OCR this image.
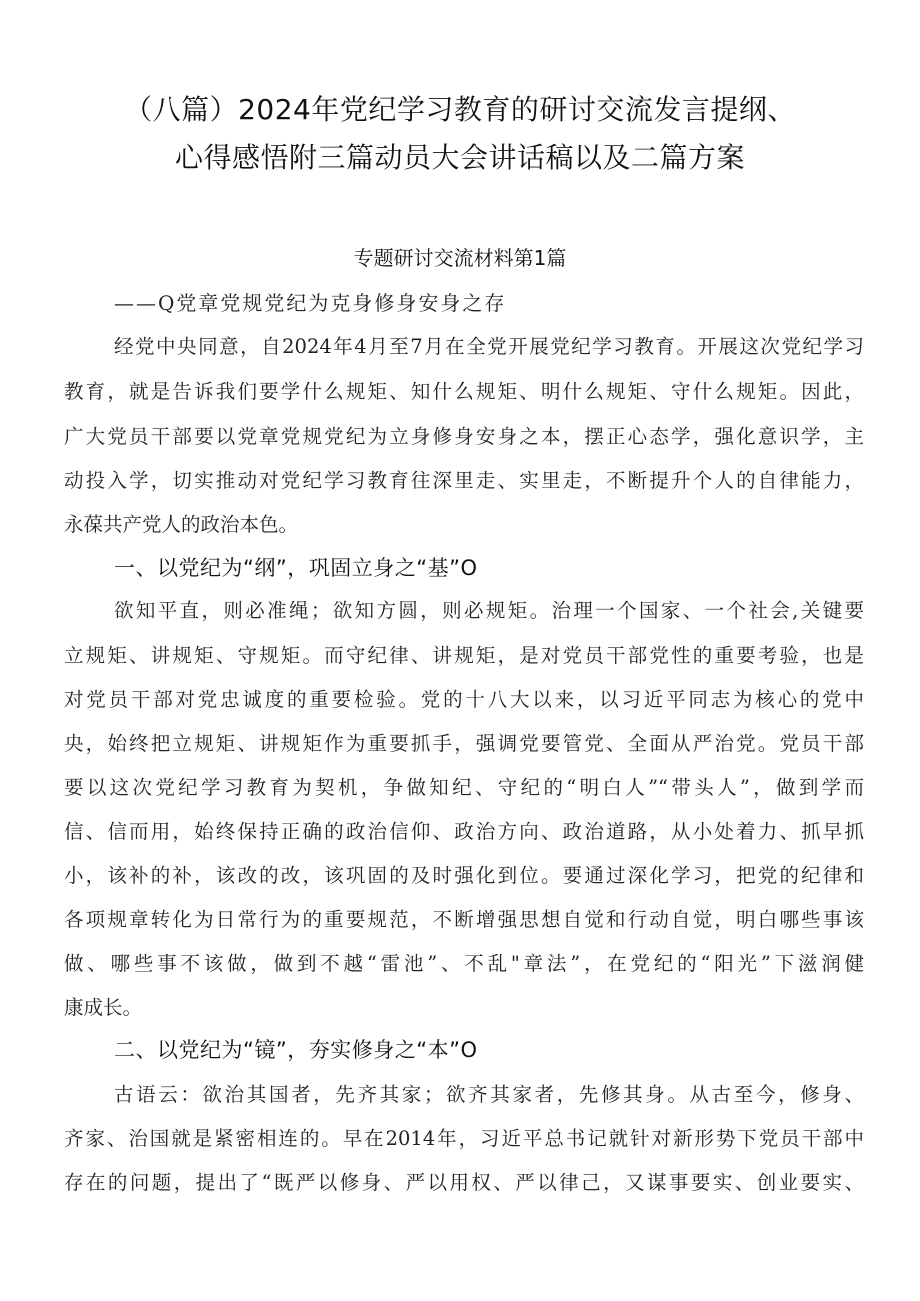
（八篇）2024年党纪学习教育的研讨交流发言提纲、
心得感悟附三篇动员大会讲话稿以及二篇方案
专题研讨交流材料第1篇
——Q党章党规党纪为克身修身安身之存
经党中央同意，自2024年4月至7月在全党开展党纪学习教育。开展这次党纪学习
教育，就是告诉我们要学什么规矩、知什么规矩、明什么规矩、守什么规矩。因此，
广大党员干部要以党章党规党纪为立身修身安身之本，摆正心态学，强化意识学，主
动投入学，切实推动对党纪学习教育往深里走、实里走，不断提升个人的自律能力，
永葆共产党人的政治本色。
一、以党纪为“纲”，巩固立身之“基”O
欲知平直，则必准绳；欲知方圆，则必规矩。治理一个国家、一个社会,关键要
立规矩、讲规矩、守规矩。而守纪律、讲规矩，是对党员干部党性的重要考验，也是
对党员干部对党忠诚度的重要检验。党的十八大以来，以习近平同志为核心的党中
央，始终把立规矩、讲规矩作为重要抓手，强调党要管党、全面从严治党。党员干部
要以这次党纪学习教育为契机，争做知纪、守纪的“明白人”“带头人”，做到学而
信、信而用，始终保持正确的政治信仰、政治方向、政治道路，从小处着力、抓早抓
小，该补的补，该改的改，该巩固的及时强化到位。要通过深化学习，把党的纪律和
各项规章转化为日常行为的重要规范，不断增强思想自觉和行动自觉，明白哪些事该
做、哪些事不该做，做到不越“雷池”、不乱"章法”，在党纪的“阳光”下滋润健
康成长。
二、以党纪为“镜”，夯实修身之“本”O
古语云：欲治其国者，先齐其家；欲齐其家者，先修其身。从古至今，修身、
齐家、治国就是紧密相连的。早在2014年，习近平总书记就针对新形势下党员干部中
存在的问题，提出了“既严以修身、严以用权、严以律己，又谋事要实、创业要实、
